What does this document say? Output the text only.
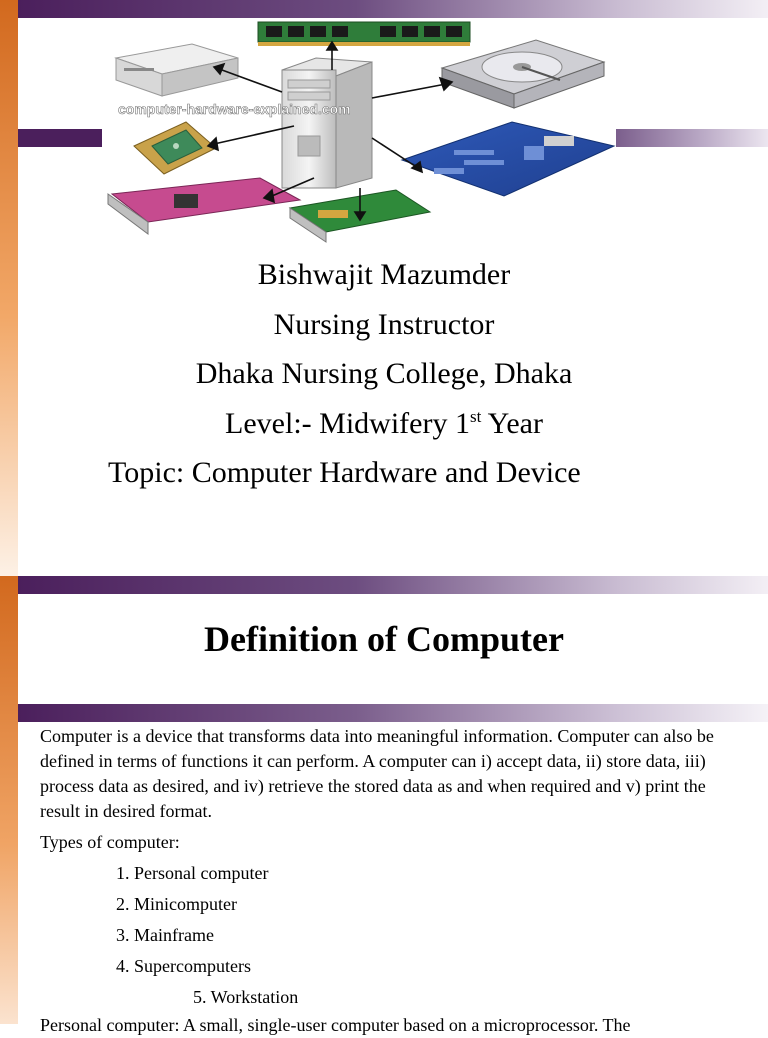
computer-hardware-explained.com
Bishwajit Mazumder
Nursing Instructor
Dhaka Nursing College, Dhaka
Level:- Midwifery 1st Year
Topic: Computer Hardware and Device
Definition of Computer

Computer is a device that transforms data into meaningful information. Computer can also be defined in terms of functions it can perform. A computer can i) accept data, ii) store data, iii) process data as desired, and iv) retrieve the stored data as and when required and v) print the result in desired format.

Types of computer:

1. Personal computer
2. Minicomputer
3. Mainframe
4. Supercomputers
5. Workstation

Personal computer: A small, single-user computer based on a microprocessor. The
